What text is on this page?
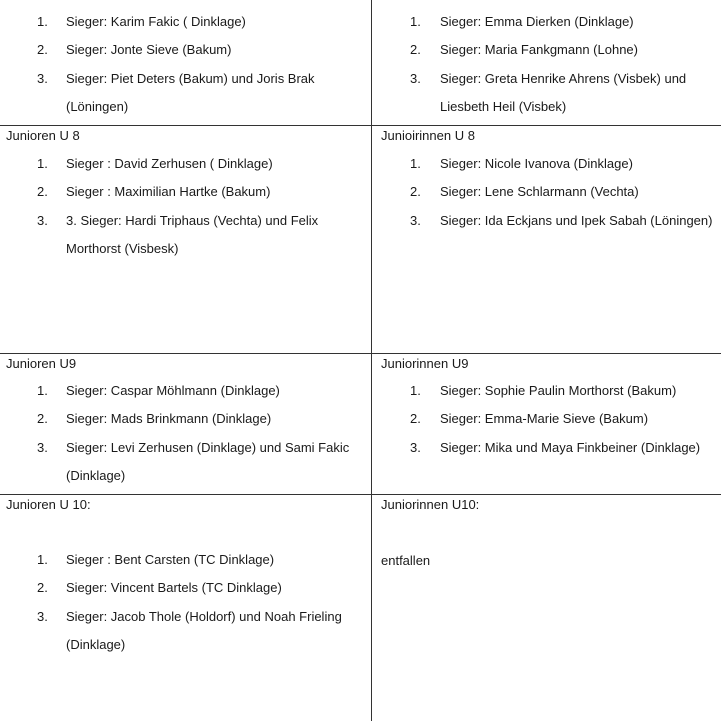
1.	Sieger: Karim Fakic ( Dinklage)
2.	Sieger: Jonte Sieve (Bakum)
3.	Sieger: Piet Deters (Bakum) und Joris Brak (Löningen)
1.	Sieger: Emma Dierken (Dinklage)
2.	Sieger: Maria Fankgmann (Lohne)
3.	Sieger: Greta Henrike Ahrens (Visbek) und Liesbeth Heil (Visbek)
Junioren U 8
1.	Sieger : David Zerhusen ( Dinklage)
2.	Sieger : Maximilian Hartke (Bakum)
3.	3. Sieger: Hardi Triphaus (Vechta) und Felix Morthorst (Visbesk)
Junioirinnen U 8
1.	Sieger: Nicole Ivanova (Dinklage)
2.	Sieger: Lene Schlarmann (Vechta)
3.	Sieger: Ida Eckjans und Ipek Sabah (Löningen)
Junioren U9
1.	Sieger: Caspar Möhlmann (Dinklage)
2.	Sieger: Mads Brinkmann (Dinklage)
3.	Sieger: Levi Zerhusen (Dinklage) und Sami Fakic (Dinklage)
Juniorinnen U9
1.	Sieger: Sophie Paulin Morthorst (Bakum)
2.	Sieger: Emma-Marie Sieve (Bakum)
3.	Sieger: Mika und Maya Finkbeiner (Dinklage)
Junioren U 10:
1.	Sieger : Bent Carsten (TC Dinklage)
2.	Sieger: Vincent Bartels (TC Dinklage)
3.	Sieger: Jacob Thole (Holdorf) und Noah Frieling (Dinklage)
Juniorinnen U10:
entfallen
